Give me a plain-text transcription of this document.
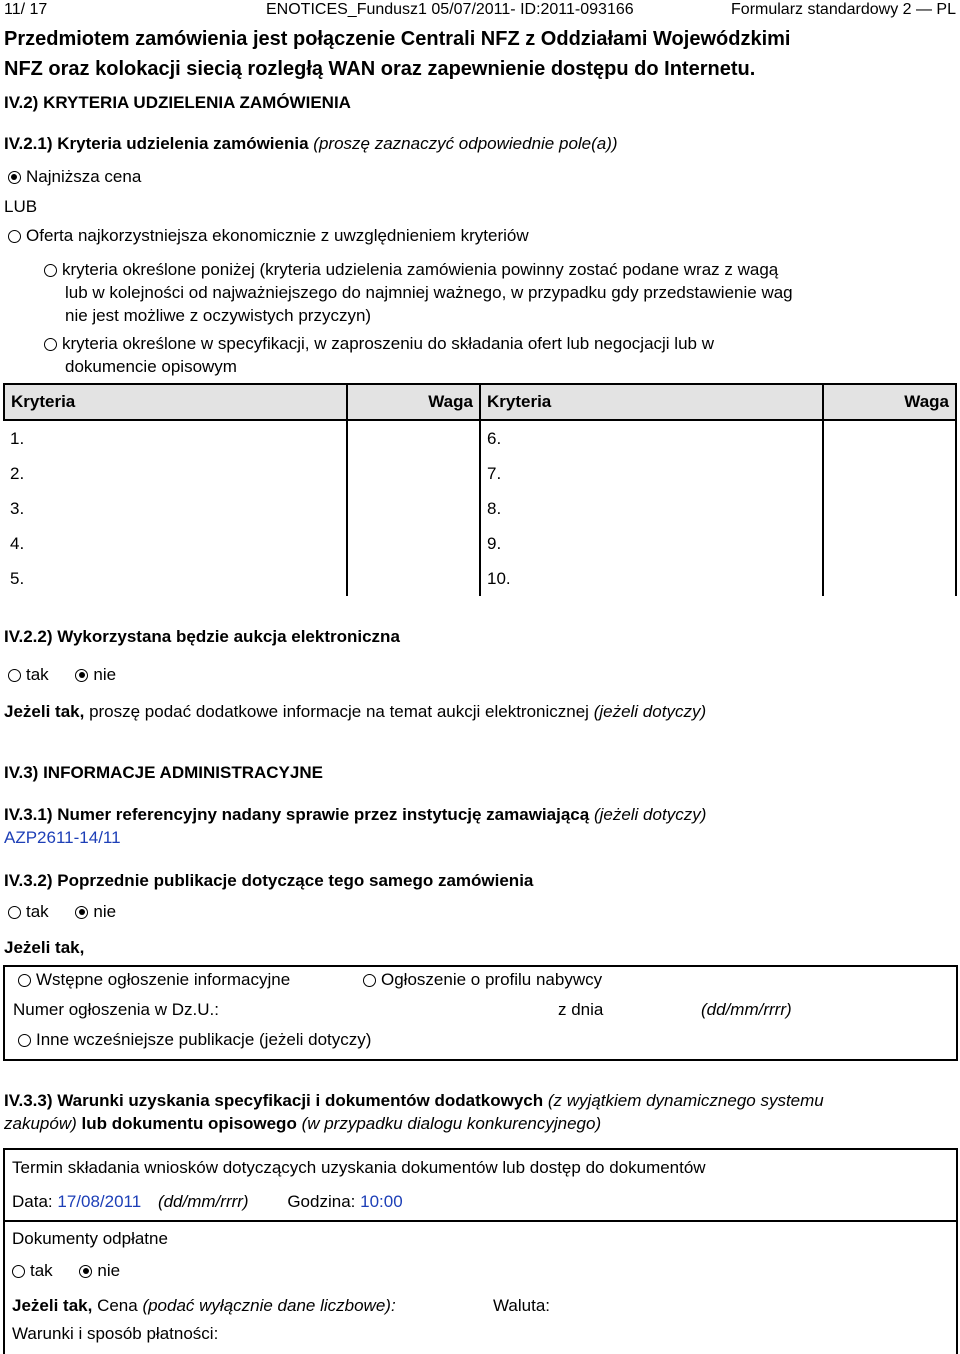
11/ 17	ENOTICES_Fundusz1 05/07/2011- ID:2011-093166	Formularz standardowy 2 — PL
Przedmiotem zamówienia jest połączenie Centrali NFZ z Oddziałami Wojewódzkimi
NFZ oraz kolokacji siecią rozległą WAN oraz zapewnienie dostępu do Internetu.
IV.2) KRYTERIA UDZIELENIA ZAMÓWIENIA
IV.2.1) Kryteria udzielenia zamówienia (proszę zaznaczyć odpowiednie pole(a))
Najniższa cena
LUB
Oferta najkorzystniejsza ekonomicznie z uwzględnieniem kryteriów
kryteria określone poniżej (kryteria udzielenia zamówienia powinny zostać podane wraz z wagą
lub w kolejności od najważniejszego do najmniej ważnego, w przypadku gdy przedstawienie wag
nie jest możliwe z oczywistych przyczyn)
kryteria określone w specyfikacji, w zaproszeniu do składania ofert lub negocjacji lub w
dokumencie opisowym
Kryteria	Waga	Kryteria	Waga
1.		6.	
2.		7.	
3.		8.	
4.		9.	
5.		10.	
IV.2.2) Wykorzystana będzie aukcja elektroniczna
tak	nie
Jeżeli tak, proszę podać dodatkowe informacje na temat aukcji elektronicznej (jeżeli dotyczy)
IV.3) INFORMACJE ADMINISTRACYJNE
IV.3.1) Numer referencyjny nadany sprawie przez instytucję zamawiającą (jeżeli dotyczy)
AZP2611-14/11
IV.3.2) Poprzednie publikacje dotyczące tego samego zamówienia
tak	nie
Jeżeli tak,
Wstępne ogłoszenie informacyjne	Ogłoszenie o profilu nabywcy
Numer ogłoszenia w Dz.U.:	z dnia	(dd/mm/rrrr)
Inne wcześniejsze publikacje (jeżeli dotyczy)
IV.3.3) Warunki uzyskania specyfikacji i dokumentów dodatkowych (z wyjątkiem dynamicznego systemu
zakupów) lub dokumentu opisowego (w przypadku dialogu konkurencyjnego)
Termin składania wniosków dotyczących uzyskania dokumentów lub dostęp do dokumentów
Data: 17/08/2011 (dd/mm/rrrr) Godzina: 10:00
Dokumenty odpłatne
tak	nie
Jeżeli tak, Cena (podać wyłącznie dane liczbowe):	Waluta:
Warunki i sposób płatności:
